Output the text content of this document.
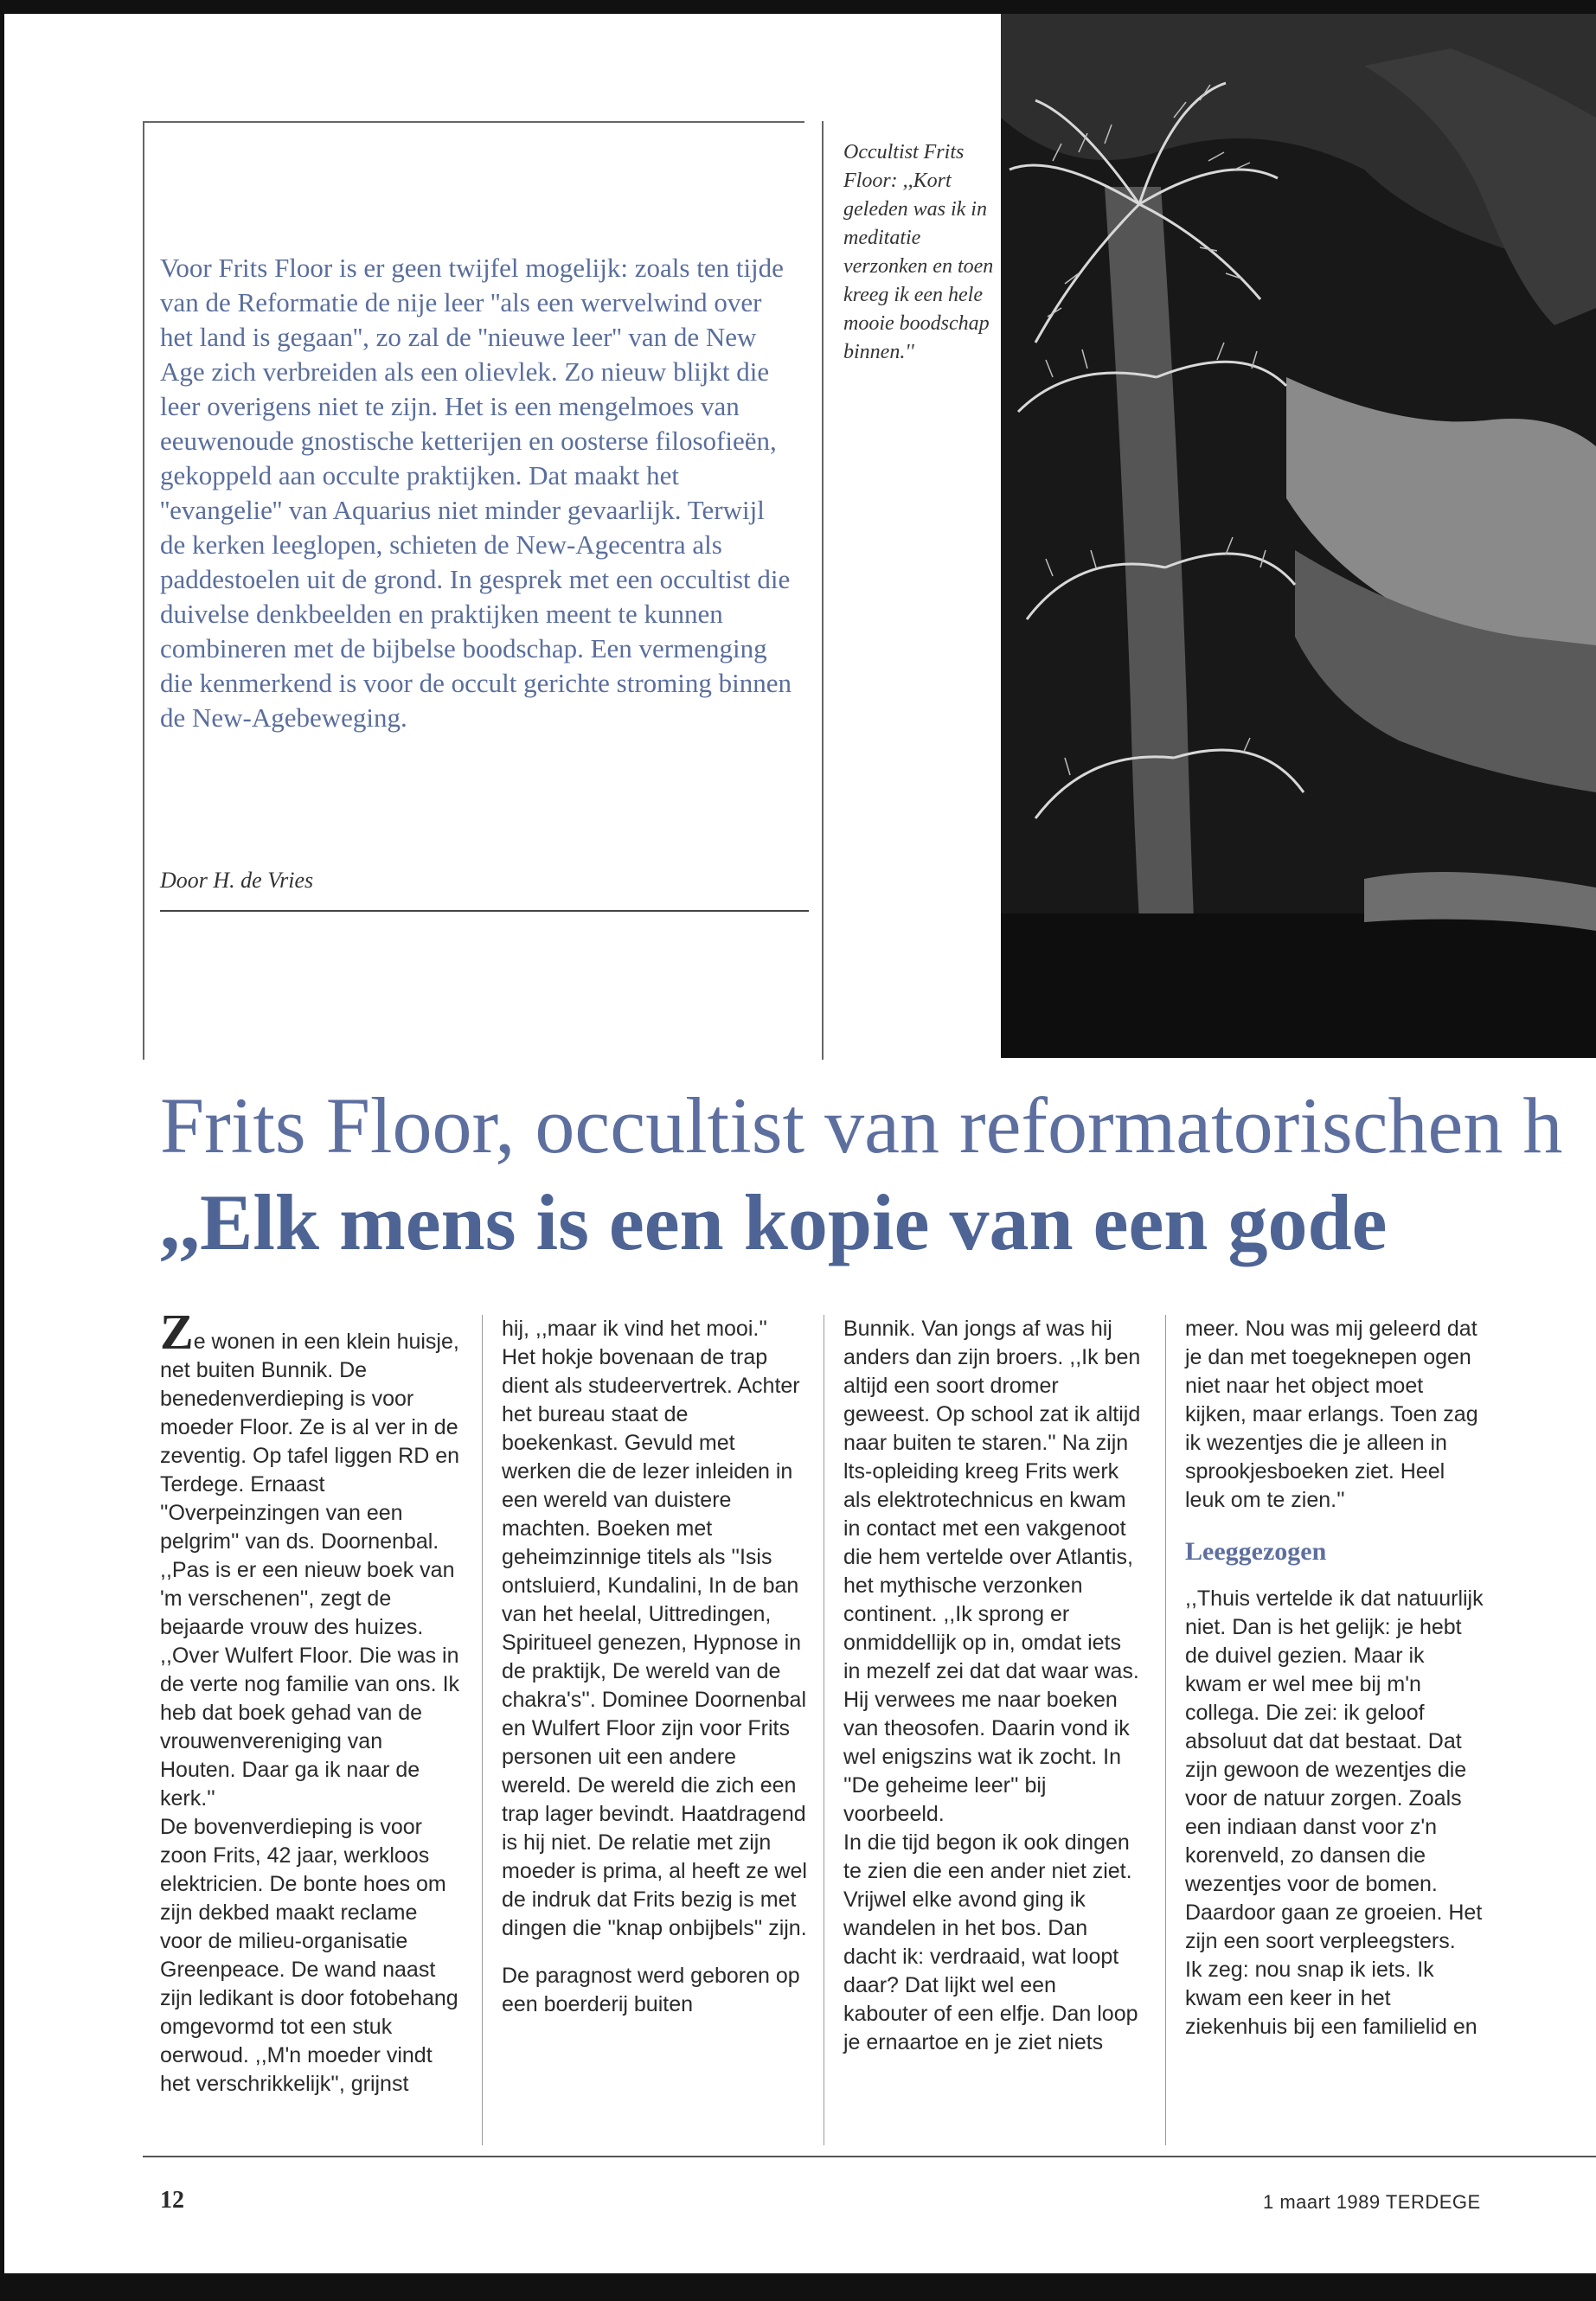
Voor Frits Floor is er geen twijfel mogelijk: zoals ten tijde van de Reformatie de nije leer ''als een wervelwind over het land is gegaan'', zo zal de ''nieuwe leer'' van de New Age zich verbreiden als een olievlek. Zo nieuw blijkt die leer overigens niet te zijn. Het is een mengelmoes van eeuwenoude gnostische ketterijen en oosterse filosofieën, gekoppeld aan occulte praktijken. Dat maakt het ''evangelie'' van Aquarius niet minder gevaarlijk. Terwijl de kerken leeglopen, schieten de New-Agecentra als paddestoelen uit de grond. In gesprek met een occultist die duivelse denkbeelden en praktijken meent te kunnen combineren met de bijbelse boodschap. Een vermenging die kenmerkend is voor de occult gerichte stroming binnen de New-Agebeweging.
Door H. de Vries
Occultist Frits Floor: ,,Kort geleden was ik in meditatie verzonken en toen kreeg ik een hele mooie boodschap binnen.''
Frits Floor, occultist van reformatorischen h
,,Elk mens is een kopie van een gode

Ze wonen in een klein huisje, net buiten Bunnik. De benedenverdieping is voor moeder Floor. Ze is al ver in de zeventig. Op tafel liggen RD en Terdege. Ernaast ''Overpeinzingen van een pelgrim'' van ds. Doornenbal. ,,Pas is er een nieuw boek van 'm verschenen'', zegt de bejaarde vrouw des huizes. ,,Over Wulfert Floor. Die was in de verte nog familie van ons. Ik heb dat boek gehad van de vrouwenvereniging van Houten. Daar ga ik naar de kerk.''

De bovenverdieping is voor zoon Frits, 42 jaar, werkloos elektricien. De bonte hoes om zijn dekbed maakt reclame voor de milieu-organisatie Greenpeace. De wand naast zijn ledikant is door fotobehang omgevormd tot een stuk oerwoud. ,,M'n moeder vindt het verschrikkelijk'', grijnst

hij, ,,maar ik vind het mooi.''

Het hokje bovenaan de trap dient als studeervertrek. Achter het bureau staat de boekenkast. Gevuld met werken die de lezer inleiden in een wereld van duistere machten. Boeken met geheimzinnige titels als ''Isis ontsluierd, Kundalini, In de ban van het heelal, Uittredingen, Spiritueel genezen, Hypnose in de praktijk, De wereld van de chakra's''. Dominee Doornenbal en Wulfert Floor zijn voor Frits personen uit een andere wereld. De wereld die zich een trap lager bevindt. Haatdragend is hij niet. De relatie met zijn moeder is prima, al heeft ze wel de indruk dat Frits bezig is met dingen die ''knap onbijbels'' zijn.

De paragnost werd geboren op een boerderij buiten

Bunnik. Van jongs af was hij anders dan zijn broers. ,,Ik ben altijd een soort dromer geweest. Op school zat ik altijd naar buiten te staren.'' Na zijn lts-opleiding kreeg Frits werk als elektrotechnicus en kwam in contact met een vakgenoot die hem vertelde over Atlantis, het mythische verzonken continent. ,,Ik sprong er onmiddellijk op in, omdat iets in mezelf zei dat dat waar was. Hij verwees me naar boeken van theosofen. Daarin vond ik wel enigszins wat ik zocht. In ''De geheime leer'' bij voorbeeld.

In die tijd begon ik ook dingen te zien die een ander niet ziet. Vrijwel elke avond ging ik wandelen in het bos. Dan dacht ik: verdraaid, wat loopt daar? Dat lijkt wel een kabouter of een elfje. Dan loop je ernaartoe en je ziet niets

meer. Nou was mij geleerd dat je dan met toegeknepen ogen niet naar het object moet kijken, maar erlangs. Toen zag ik wezentjes die je alleen in sprookjesboeken ziet. Heel leuk om te zien.''

Leeggezogen

,,Thuis vertelde ik dat natuurlijk niet. Dan is het gelijk: je hebt de duivel gezien. Maar ik kwam er wel mee bij m'n collega. Die zei: ik geloof absoluut dat dat bestaat. Dat zijn gewoon de wezentjes die voor de natuur zorgen. Zoals een indiaan danst voor z'n korenveld, zo dansen die wezentjes voor de bomen. Daardoor gaan ze groeien. Het zijn een soort verpleegsters.

Ik zeg: nou snap ik iets. Ik kwam een keer in het ziekenhuis bij een familielid en

12	1 maart 1989 TERDEGE
